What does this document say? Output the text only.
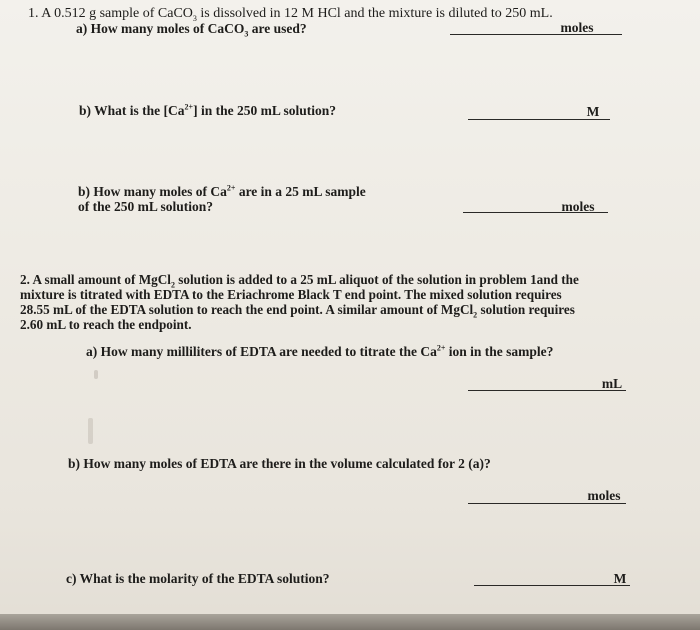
1. A 0.512 g sample of CaCO$_3$ is dissolved in 12 M HCl and the mixture is diluted to 250 mL.
a) How many moles of CaCO$_3$ are used?	moles
b) What is the $[Ca^{2+}]$ in the 250 mL solution?	M
b) How many moles of $Ca^{2+}$ are in a 25 mL sample
of the 250 mL solution?	moles
2. A small amount of MgCl$_2$ solution is added to a 25 mL aliquot of the solution in problem 1and the
mixture is titrated with EDTA to the Eriachrome Black T end point. The mixed solution requires
28.55 mL of the EDTA solution to reach the end point. A similar amount of MgCl$_2$ solution requires
2.60 mL to reach the endpoint.
a) How many milliliters of EDTA are needed to titrate the $Ca^{2+}$ ion in the sample?
mL
b) How many moles of EDTA are there in the volume calculated for 2 (a)?
moles
c) What is the molarity of the EDTA solution?	M
